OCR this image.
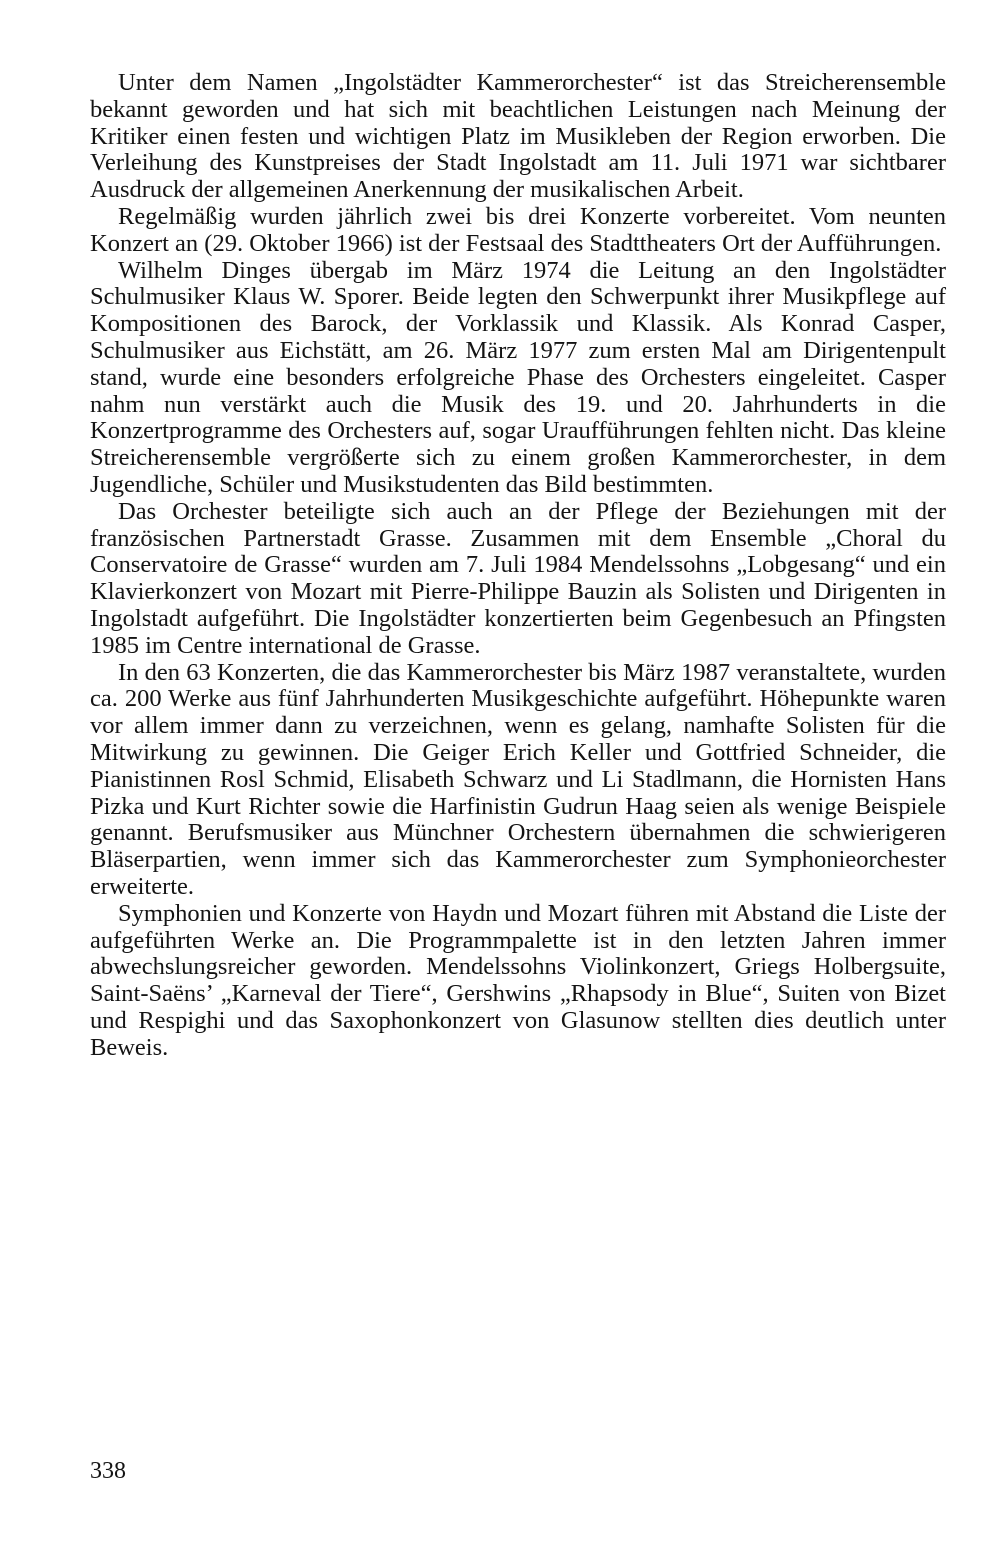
Unter dem Namen „Ingolstädter Kammerorchester“ ist das Streicherensemble bekannt geworden und hat sich mit beachtlichen Leistungen nach Meinung der Kritiker einen festen und wichtigen Platz im Musikleben der Region erworben. Die Verleihung des Kunstpreises der Stadt Ingolstadt am 11. Juli 1971 war sichtbarer Ausdruck der allgemeinen Anerkennung der musikalischen Arbeit.

Regelmäßig wurden jährlich zwei bis drei Konzerte vorbereitet. Vom neunten Konzert an (29. Oktober 1966) ist der Festsaal des Stadttheaters Ort der Aufführungen.

Wilhelm Dinges übergab im März 1974 die Leitung an den Ingolstädter Schulmusiker Klaus W. Sporer. Beide legten den Schwerpunkt ihrer Musikpflege auf Kompositionen des Barock, der Vorklassik und Klassik. Als Konrad Casper, Schulmusiker aus Eichstätt, am 26. März 1977 zum ersten Mal am Dirigentenpult stand, wurde eine besonders erfolgreiche Phase des Orchesters eingeleitet. Casper nahm nun verstärkt auch die Musik des 19. und 20. Jahrhunderts in die Konzertprogramme des Orchesters auf, sogar Uraufführungen fehlten nicht. Das kleine Streicherensemble vergrößerte sich zu einem großen Kammerorchester, in dem Jugendliche, Schüler und Musikstudenten das Bild bestimmten.

Das Orchester beteiligte sich auch an der Pflege der Beziehungen mit der französischen Partnerstadt Grasse. Zusammen mit dem Ensemble „Choral du Conservatoire de Grasse“ wurden am 7. Juli 1984 Mendelssohns „Lobgesang“ und ein Klavierkonzert von Mozart mit Pierre-Philippe Bauzin als Solisten und Dirigenten in Ingolstadt aufgeführt. Die Ingolstädter konzertierten beim Gegenbesuch an Pfingsten 1985 im Centre international de Grasse.

In den 63 Konzerten, die das Kammerorchester bis März 1987 veranstaltete, wurden ca. 200 Werke aus fünf Jahrhunderten Musikgeschichte aufgeführt. Höhepunkte waren vor allem immer dann zu verzeichnen, wenn es gelang, namhafte Solisten für die Mitwirkung zu gewinnen. Die Geiger Erich Keller und Gottfried Schneider, die Pianistinnen Rosl Schmid, Elisabeth Schwarz und Li Stadlmann, die Hornisten Hans Pizka und Kurt Richter sowie die Harfinistin Gudrun Haag seien als wenige Beispiele genannt. Berufsmusiker aus Münchner Orchestern übernahmen die schwierigeren Bläserpartien, wenn immer sich das Kammerorchester zum Symphonieorchester erweiterte.

Symphonien und Konzerte von Haydn und Mozart führen mit Abstand die Liste der aufgeführten Werke an. Die Programmpalette ist in den letzten Jahren immer abwechslungsreicher geworden. Mendelssohns Violinkonzert, Griegs Holbergsuite, Saint-Saëns’ „Karneval der Tiere“, Gershwins „Rhapsody in Blue“, Suiten von Bizet und Respighi und das Saxophonkonzert von Glasunow stellten dies deutlich unter Beweis.

338
